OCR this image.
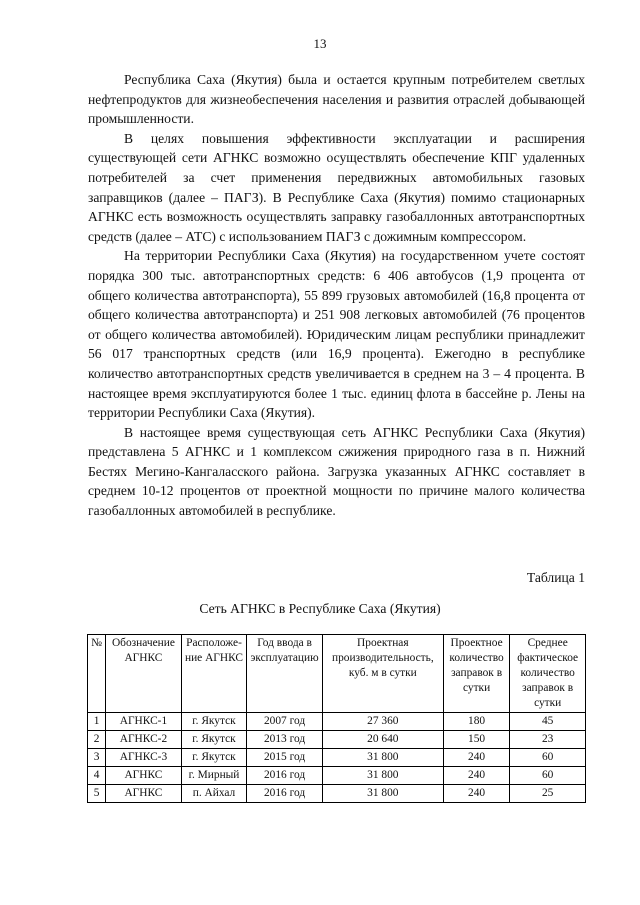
13

Республика Саха (Якутия) была и остается крупным потребителем светлых нефтепродуктов для жизнеобеспечения населения и развития отраслей добывающей промышленности.

В целях повышения эффективности эксплуатации и расширения существующей сети АГНКС возможно осуществлять обеспечение КПГ удаленных потребителей за счет применения передвижных автомобильных газовых заправщиков (далее – ПАГЗ). В Республике Саха (Якутия) помимо стационарных АГНКС есть возможность осуществлять заправку газобаллонных автотранспортных средств (далее – АТС) с использованием ПАГЗ с дожимным компрессором.

На территории Республики Саха (Якутия) на государственном учете состоят порядка 300 тыс. автотранспортных средств: 6 406 автобусов (1,9 процента от общего количества автотранспорта), 55 899 грузовых автомобилей (16,8 процента от общего количества автотранспорта) и 251 908 легковых автомобилей (76 процентов от общего количества автомобилей). Юридическим лицам республики принадлежит 56 017 транспортных средств (или 16,9 процента). Ежегодно в республике количество автотранспортных средств увеличивается в среднем на 3 – 4 процента. В настоящее время эксплуатируются более 1 тыс. единиц флота в бассейне р. Лены на территории Республики Саха (Якутия).

В настоящее время существующая сеть АГНКС Республики Саха (Якутия) представлена 5 АГНКС и 1 комплексом сжижения природного газа в п. Нижний Бестях Мегино-Кангаласского района. Загрузка указанных АГНКС составляет в среднем 10-12 процентов от проектной мощности по причине малого количества газобаллонных автомобилей в республике.

Таблица 1
Сеть АГНКС в Республике Саха (Якутия)
№	Обозначение АГНКС	Расположе-ние АГНКС	Год ввода в эксплуатацию	Проектная производительность, куб. м в сутки	Проектное количество заправок в сутки	Среднее фактическое количество заправок в сутки
1	АГНКС-1	г. Якутск	2007 год	27 360	180	45
2	АГНКС-2	г. Якутск	2013 год	20 640	150	23
3	АГНКС-3	г. Якутск	2015 год	31 800	240	60
4	АГНКС	г. Мирный	2016 год	31 800	240	60
5	АГНКС	п. Айхал	2016 год	31 800	240	25
